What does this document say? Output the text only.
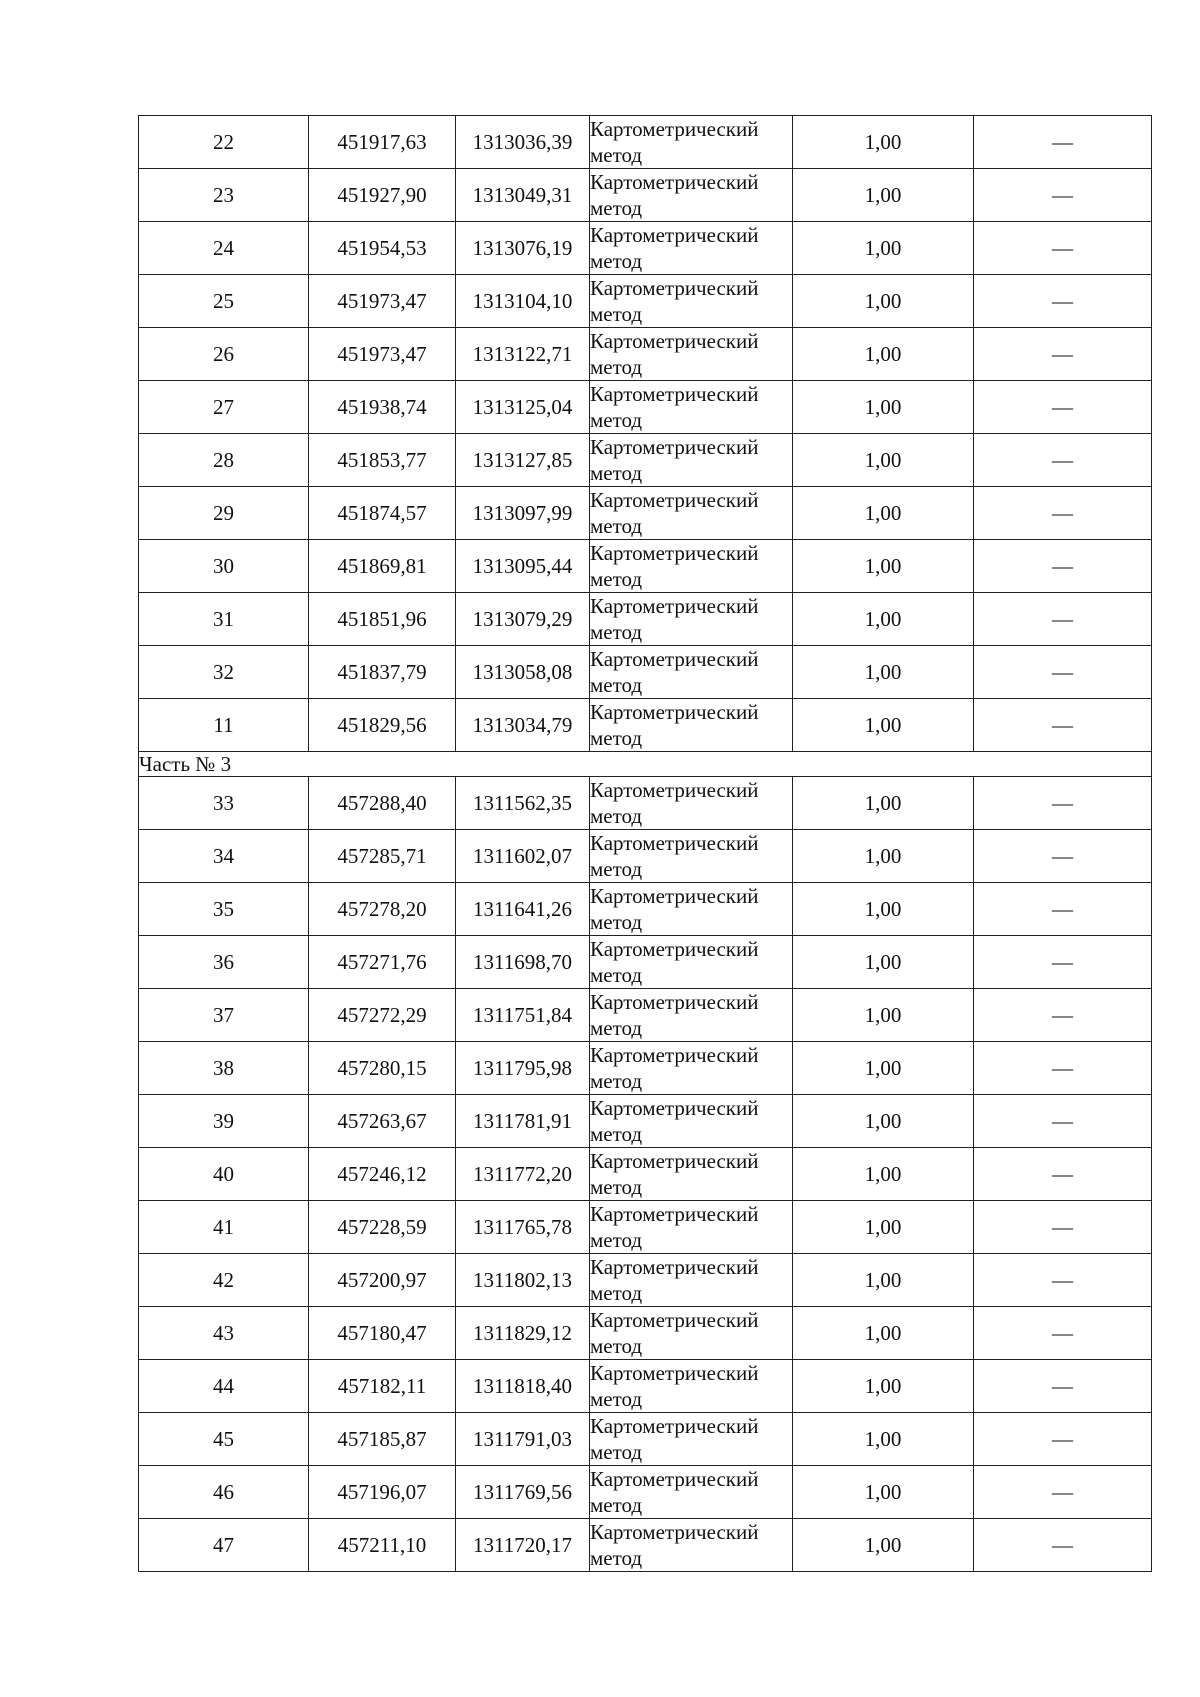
22	451917,63	1313036,39	Картометрический
метод	1,00	—
23	451927,90	1313049,31	Картометрический
метод	1,00	—
24	451954,53	1313076,19	Картометрический
метод	1,00	—
25	451973,47	1313104,10	Картометрический
метод	1,00	—
26	451973,47	1313122,71	Картометрический
метод	1,00	—
27	451938,74	1313125,04	Картометрический
метод	1,00	—
28	451853,77	1313127,85	Картометрический
метод	1,00	—
29	451874,57	1313097,99	Картометрический
метод	1,00	—
30	451869,81	1313095,44	Картометрический
метод	1,00	—
31	451851,96	1313079,29	Картометрический
метод	1,00	—
32	451837,79	1313058,08	Картометрический
метод	1,00	—
11	451829,56	1313034,79	Картометрический
метод	1,00	—
Часть № 3					
33	457288,40	1311562,35	Картометрический
метод	1,00	—
34	457285,71	1311602,07	Картометрический
метод	1,00	—
35	457278,20	1311641,26	Картометрический
метод	1,00	—
36	457271,76	1311698,70	Картометрический
метод	1,00	—
37	457272,29	1311751,84	Картометрический
метод	1,00	—
38	457280,15	1311795,98	Картометрический
метод	1,00	—
39	457263,67	1311781,91	Картометрический
метод	1,00	—
40	457246,12	1311772,20	Картометрический
метод	1,00	—
41	457228,59	1311765,78	Картометрический
метод	1,00	—
42	457200,97	1311802,13	Картометрический
метод	1,00	—
43	457180,47	1311829,12	Картометрический
метод	1,00	—
44	457182,11	1311818,40	Картометрический
метод	1,00	—
45	457185,87	1311791,03	Картометрический
метод	1,00	—
46	457196,07	1311769,56	Картометрический
метод	1,00	—
47	457211,10	1311720,17	Картометрический
метод	1,00	—
